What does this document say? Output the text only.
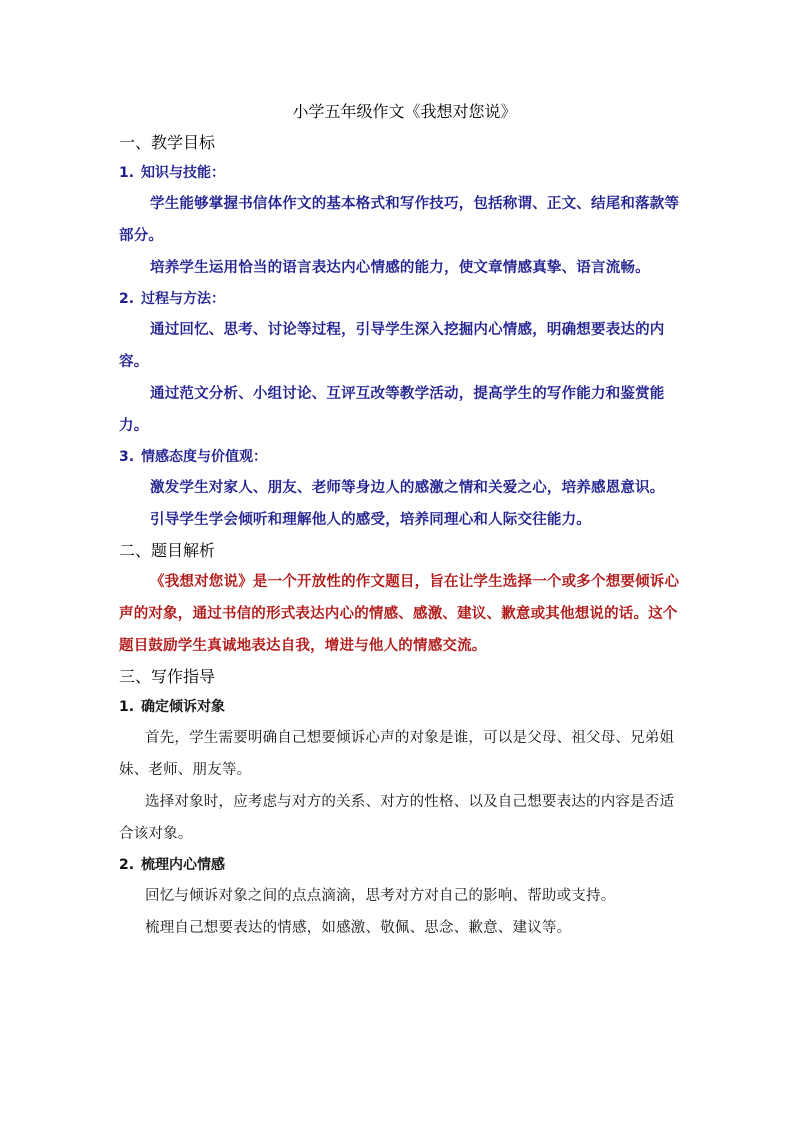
小学五年级作文《我想对您说》

一、教学目标

1. 知识与技能：

学生能够掌握书信体作文的基本格式和写作技巧，包括称谓、正文、结尾和落款等部分。

培养学生运用恰当的语言表达内心情感的能力，使文章情感真挚、语言流畅。

2. 过程与方法：

通过回忆、思考、讨论等过程，引导学生深入挖掘内心情感，明确想要表达的内容。

通过范文分析、小组讨论、互评互改等教学活动，提高学生的写作能力和鉴赏能力。

3. 情感态度与价值观：

激发学生对家人、朋友、老师等身边人的感激之情和关爱之心，培养感恩意识。

引导学生学会倾听和理解他人的感受，培养同理心和人际交往能力。

二、题目解析

《我想对您说》是一个开放性的作文题目，旨在让学生选择一个或多个想要倾诉心声的对象，通过书信的形式表达内心的情感、感激、建议、歉意或其他想说的话。这个题目鼓励学生真诚地表达自我，增进与他人的情感交流。

三、写作指导

1. 确定倾诉对象

首先，学生需要明确自己想要倾诉心声的对象是谁，可以是父母、祖父母、兄弟姐妹、老师、朋友等。

选择对象时，应考虑与对方的关系、对方的性格、以及自己想要表达的内容是否适合该对象。

2. 梳理内心情感

回忆与倾诉对象之间的点点滴滴，思考对方对自己的影响、帮助或支持。

梳理自己想要表达的情感，如感激、敬佩、思念、歉意、建议等。
